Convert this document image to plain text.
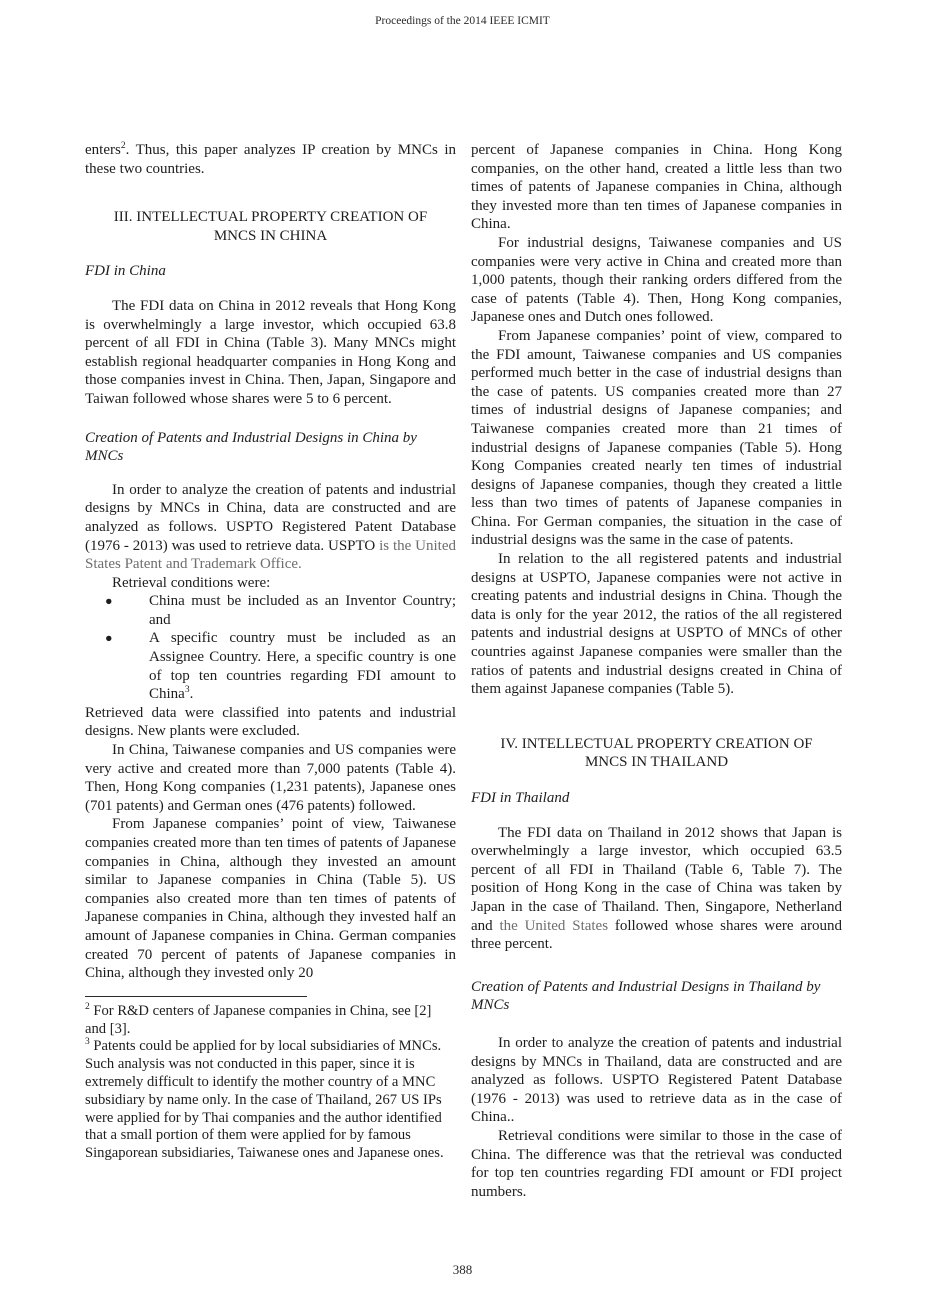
Proceedings of the 2014 IEEE ICMIT

enters$^2$. Thus, this paper analyzes IP creation by MNCs in these two countries.

III. INTELLECTUAL PROPERTY CREATION OF
MNCS IN CHINA

FDI in China

The FDI data on China in 2012 reveals that Hong Kong is overwhelmingly a large investor, which occupied 63.8 percent of all FDI in China (Table 3). Many MNCs might establish regional headquarter companies in Hong Kong and those companies invest in China. Then, Japan, Singapore and Taiwan followed whose shares were 5 to 6 percent.

Creation of Patents and Industrial Designs in China by MNCs

In order to analyze the creation of patents and industrial designs by MNCs in China, data are constructed and are analyzed as follows. USPTO Registered Patent Database (1976 - 2013) was used to retrieve data. USPTO is the United States Patent and Trademark Office.

Retrieval conditions were:

● China must be included as an Inventor Country; and
● A specific country must be included as an Assignee Country. Here, a specific country is one of top ten countries regarding FDI amount to China$^3$.

Retrieved data were classified into patents and industrial designs. New plants were excluded.

In China, Taiwanese companies and US companies were very active and created more than 7,000 patents (Table 4). Then, Hong Kong companies (1,231 patents), Japanese ones (701 patents) and German ones (476 patents) followed.

From Japanese companies’ point of view, Taiwanese companies created more than ten times of patents of Japanese companies in China, although they invested an amount similar to Japanese companies in China (Table 5). US companies also created more than ten times of patents of Japanese companies in China, although they invested half an amount of Japanese companies in China. German companies created 70 percent of patents of Japanese companies in China, although they invested only 20

$^2$ For R&D centers of Japanese companies in China, see [2] and [3].

$^3$ Patents could be applied for by local subsidiaries of MNCs. Such analysis was not conducted in this paper, since it is extremely difficult to identify the mother country of a MNC subsidiary by name only. In the case of Thailand, 267 US IPs were applied for by Thai companies and the author identified that a small portion of them were applied for by famous Singaporean subsidiaries, Taiwanese ones and Japanese ones.

percent of Japanese companies in China. Hong Kong companies, on the other hand, created a little less than two times of patents of Japanese companies in China, although they invested more than ten times of Japanese companies in China.

For industrial designs, Taiwanese companies and US companies were very active in China and created more than 1,000 patents, though their ranking orders differed from the case of patents (Table 4). Then, Hong Kong companies, Japanese ones and Dutch ones followed.

From Japanese companies’ point of view, compared to the FDI amount, Taiwanese companies and US companies performed much better in the case of industrial designs than the case of patents. US companies created more than 27 times of industrial designs of Japanese companies; and Taiwanese companies created more than 21 times of industrial designs of Japanese companies (Table 5). Hong Kong Companies created nearly ten times of industrial designs of Japanese companies, though they created a little less than two times of patents of Japanese companies in China. For German companies, the situation in the case of industrial designs was the same in the case of patents.

In relation to the all registered patents and industrial designs at USPTO, Japanese companies were not active in creating patents and industrial designs in China. Though the data is only for the year 2012, the ratios of the all registered patents and industrial designs at USPTO of MNCs of other countries against Japanese companies were smaller than the ratios of patents and industrial designs created in China of them against Japanese companies (Table 5).

IV. INTELLECTUAL PROPERTY CREATION OF
MNCS IN THAILAND

FDI in Thailand

The FDI data on Thailand in 2012 shows that Japan is overwhelmingly a large investor, which occupied 63.5 percent of all FDI in Thailand (Table 6, Table 7). The position of Hong Kong in the case of China was taken by Japan in the case of Thailand. Then, Singapore, Netherland and the United States followed whose shares were around three percent.

Creation of Patents and Industrial Designs in Thailand by MNCs

In order to analyze the creation of patents and industrial designs by MNCs in Thailand, data are constructed and are analyzed as follows. USPTO Registered Patent Database (1976 - 2013) was used to retrieve data as in the case of China..

Retrieval conditions were similar to those in the case of China. The difference was that the retrieval was conducted for top ten countries regarding FDI amount or FDI project numbers.

388
